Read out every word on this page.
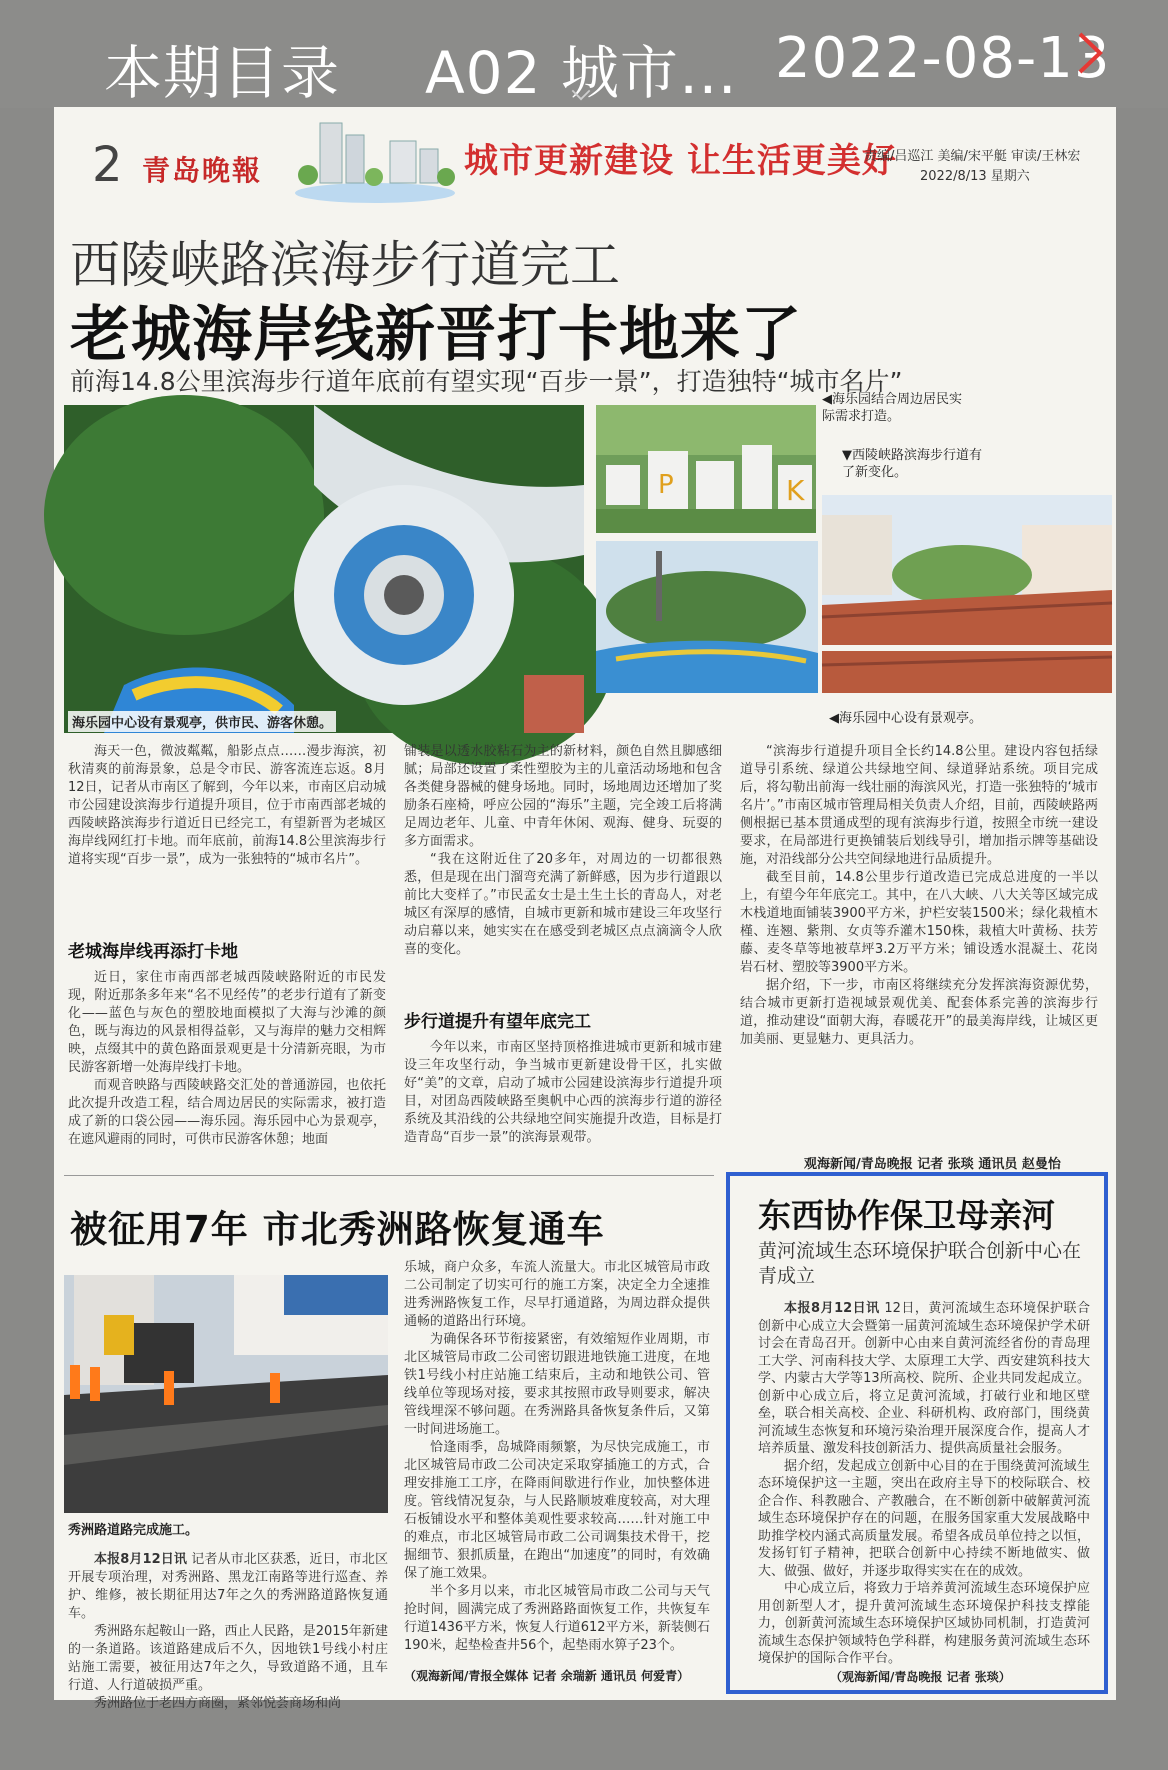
本期目录 A02 城市… 2022-08-13
2 青岛晚報	城市更新建设 让生活更美好
责编/吕巡江 美编/宋平艇 审读/王林宏
2022/8/13 星期六
西陵峡路滨海步行道完工
老城海岸线新晋打卡地来了
前海14.8公里滨海步行道年底前有望实现“百步一景”，打造独特“城市名片”
海乐园中心设有景观亭，供市民、游客休憩。
P	K
◀海乐园结合周边居民实际需求打造。
▼西陵峡路滨海步行道有了新变化。
◀海乐园中心设有景观亭。
海天一色，微波粼粼，船影点点……漫步海滨，初秋清爽的前海景象，总是令市民、游客流连忘返。8月12日，记者从市南区了解到，今年以来，市南区启动城市公园建设滨海步行道提升项目，位于市南西部老城的西陵峡路滨海步行道近日已经完工，有望新晋为老城区海岸线网红打卡地。而年底前，前海14.8公里滨海步行道将实现“百步一景”，成为一张独特的“城市名片”。
老城海岸线再添打卡地
近日，家住市南西部老城西陵峡路附近的市民发现，附近那条多年来“名不见经传”的老步行道有了新变化——蓝色与灰色的塑胶地面模拟了大海与沙滩的颜色，既与海边的风景相得益彰，又与海岸的魅力交相辉映，点缀其中的黄色路面景观更是十分清新亮眼，为市民游客新增一处海岸线打卡地。
而观音映路与西陵峡路交汇处的普通游园，也依托此次提升改造工程，结合周边居民的实际需求，被打造成了新的口袋公园——海乐园。海乐园中心为景观亭，在遮风避雨的同时，可供市民游客休憩；地面
铺装是以透水胶粘石为主的新材料，颜色自然且脚感细腻；局部还设置了柔性塑胶为主的儿童活动场地和包含各类健身器械的健身场地。同时，场地周边还增加了奖励条石座椅，呼应公园的“海乐”主题，完全竣工后将满足周边老年、儿童、中青年休闲、观海、健身、玩耍的多方面需求。
“我在这附近住了20多年，对周边的一切都很熟悉，但是现在出门溜弯充满了新鲜感，因为步行道跟以前比大变样了。”市民孟女士是土生土长的青岛人，对老城区有深厚的感情，自城市更新和城市建设三年攻坚行动启幕以来，她实实在在感受到老城区点点滴滴令人欣喜的变化。
步行道提升有望年底完工
今年以来，市南区坚持顶格推进城市更新和城市建设三年攻坚行动，争当城市更新建设骨干区，扎实做好“美”的文章，启动了城市公园建设滨海步行道提升项目，对团岛西陵峡路至奥帆中心西的滨海步行道的游径系统及其沿线的公共绿地空间实施提升改造，目标是打造青岛“百步一景”的滨海景观带。
“滨海步行道提升项目全长约14.8公里。建设内容包括绿道导引系统、绿道公共绿地空间、绿道驿站系统。项目完成后，将勾勒出前海一线壮丽的海滨风光，打造一张独特的‘城市名片’。”市南区城市管理局相关负责人介绍，目前，西陵峡路两侧根据已基本贯通成型的现有滨海步行道，按照全市统一建设要求，在局部进行更换铺装后划线导引，增加指示牌等基础设施，对沿线部分公共空间绿地进行品质提升。
截至目前，14.8公里步行道改造已完成总进度的一半以上，有望今年年底完工。其中，在八大峡、八大关等区域完成木栈道地面铺装3900平方米，护栏安装1500米；绿化栽植木槿、连翘、紫荆、女贞等乔灌木150株，栽植大叶黄杨、扶芳藤、麦冬草等地被草坪3.2万平方米；铺设透水混凝土、花岗岩石材、塑胶等3900平方米。
据介绍，下一步，市南区将继续充分发挥滨海资源优势，结合城市更新打造视域景观优美、配套体系完善的滨海步行道，推动建设“面朝大海，春暖花开”的最美海岸线，让城区更加美丽、更显魅力、更具活力。
观海新闻/青岛晚报 记者 张琰 通讯员 赵曼怡
被征用7年 市北秀洲路恢复通车
秀洲路道路完成施工。
本报8月12日讯 记者从市北区获悉，近日，市北区开展专项治理，对秀洲路、黑龙江南路等进行巡查、养护、维修，被长期征用达7年之久的秀洲路道路恢复通车。
秀洲路东起鞍山一路，西止人民路，是2015年新建的一条道路。该道路建成后不久，因地铁1号线小村庄站施工需要，被征用达7年之久，导致道路不通，且车行道、人行道破损严重。
秀洲路位于老四方商圈，紧邻悦荟商场和尚
乐城，商户众多，车流人流量大。市北区城管局市政二公司制定了切实可行的施工方案，决定全力全速推进秀洲路恢复工作，尽早打通道路，为周边群众提供通畅的道路出行环境。
为确保各环节衔接紧密，有效缩短作业周期，市北区城管局市政二公司密切跟进地铁施工进度，在地铁1号线小村庄站施工结束后，主动和地铁公司、管线单位等现场对接，要求其按照市政导则要求，解决管线埋深不够问题。在秀洲路具备恢复条件后，又第一时间进场施工。
恰逢雨季，岛城降雨频繁，为尽快完成施工，市北区城管局市政二公司决定采取穿插施工的方式，合理安排施工工序，在降雨间歇进行作业，加快整体进度。管线情况复杂，与人民路顺坡难度较高，对大理石板铺设水平和整体美观性要求较高……针对施工中的难点，市北区城管局市政二公司调集技术骨干，挖掘细节、狠抓质量，在跑出“加速度”的同时，有效确保了施工效果。
半个多月以来，市北区城管局市政二公司与天气抢时间，圆满完成了秀洲路路面恢复工作，共恢复车行道1436平方米，恢复人行道612平方米，新装侧石190米，起垫检查井56个，起垫雨水箅子23个。
（观海新闻/青报全媒体 记者 余瑞新 通讯员 何爱青）
东西协作保卫母亲河
黄河流域生态环境保护联合创新中心在青成立
本报8月12日讯 12日，黄河流域生态环境保护联合创新中心成立大会暨第一届黄河流域生态环境保护学术研讨会在青岛召开。创新中心由来自黄河流经省份的青岛理工大学、河南科技大学、太原理工大学、西安建筑科技大学、内蒙古大学等13所高校、院所、企业共同发起成立。创新中心成立后，将立足黄河流域，打破行业和地区壁垒，联合相关高校、企业、科研机构、政府部门，围绕黄河流域生态恢复和环境污染治理开展深度合作，提高人才培养质量、激发科技创新活力、提供高质量社会服务。
据介绍，发起成立创新中心目的在于围绕黄河流域生态环境保护这一主题，突出在政府主导下的校际联合、校企合作、科教融合、产教融合，在不断创新中破解黄河流域生态环境保护存在的问题，在服务国家重大发展战略中助推学校内涵式高质量发展。希望各成员单位持之以恒，发扬钉钉子精神，把联合创新中心持续不断地做实、做大、做强、做好，并逐步取得实实在在的成效。
中心成立后，将致力于培养黄河流域生态环境保护应用创新型人才，提升黄河流域生态环境保护科技支撑能力，创新黄河流域生态环境保护区域协同机制，打造黄河流域生态保护领域特色学科群，构建服务黄河流域生态环境保护的国际合作平台。
（观海新闻/青岛晚报 记者 张琰）
